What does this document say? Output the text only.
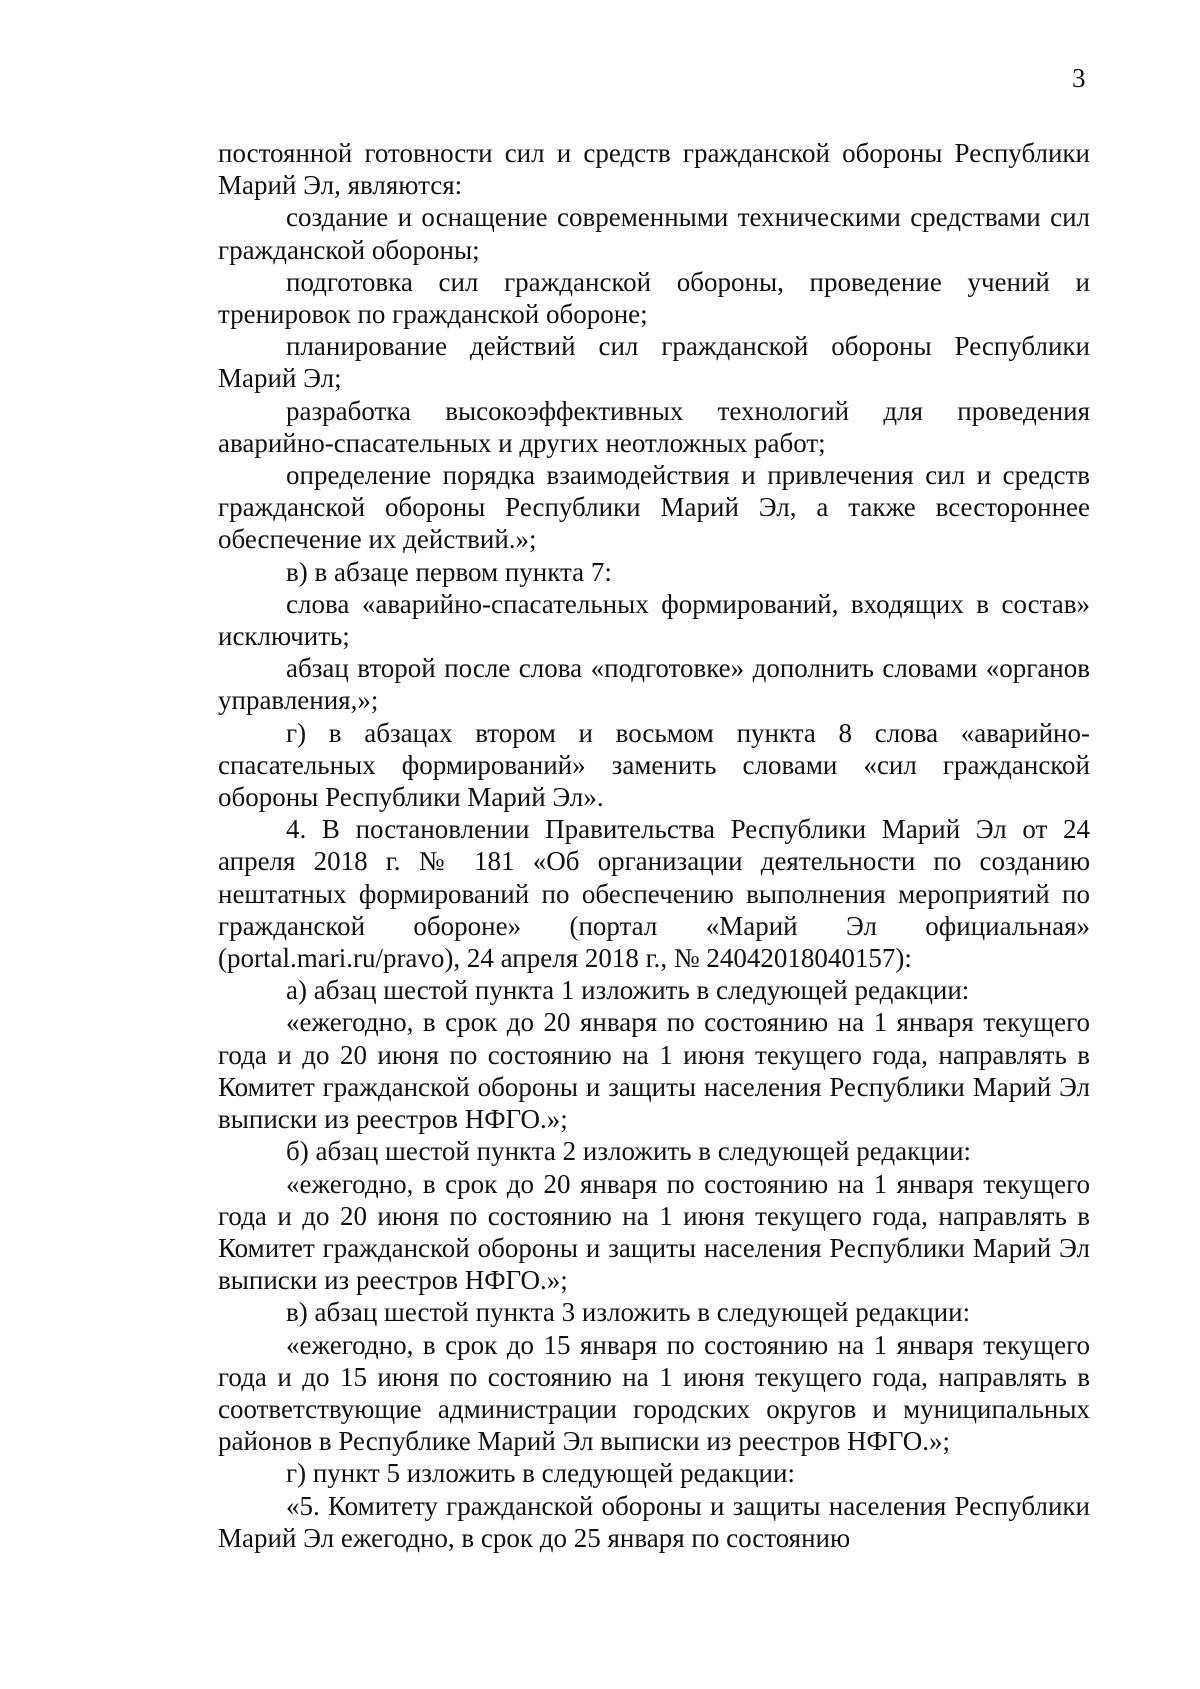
3

постоянной готовности сил и средств гражданской обороны Республики Марий Эл, являются:

создание и оснащение современными техническими средствами сил гражданской обороны;

подготовка сил гражданской обороны, проведение учений и тренировок по гражданской обороне;

планирование действий сил гражданской обороны Республики Марий Эл;

разработка высокоэффективных технологий для проведения аварийно-спасательных и других неотложных работ;

определение порядка взаимодействия и привлечения сил и средств гражданской обороны Республики Марий Эл, а также всестороннее обеспечение их действий.»;

в) в абзаце первом пункта 7:

слова «аварийно-спасательных формирований, входящих в состав» исключить;

абзац второй после слова «подготовке» дополнить словами «органов управления,»;

г) в абзацах втором и восьмом пункта 8 слова «аварийно-спасательных формирований» заменить словами «сил гражданской обороны Республики Марий Эл».

4. В постановлении Правительства Республики Марий Эл от 24 апреля 2018 г. № 181 «Об организации деятельности по созданию нештатных формирований по обеспечению выполнения мероприятий по гражданской обороне» (портал «Марий Эл официальная» (portal.mari.ru/pravo), 24 апреля 2018 г., № 24042018040157):

а) абзац шестой пункта 1 изложить в следующей редакции:

«ежегодно, в срок до 20 января по состоянию на 1 января текущего года и до 20 июня по состоянию на 1 июня текущего года, направлять в Комитет гражданской обороны и защиты населения Республики Марий Эл выписки из реестров НФГО.»;

б) абзац шестой пункта 2 изложить в следующей редакции:

«ежегодно, в срок до 20 января по состоянию на 1 января текущего года и до 20 июня по состоянию на 1 июня текущего года, направлять в Комитет гражданской обороны и защиты населения Республики Марий Эл выписки из реестров НФГО.»;

в) абзац шестой пункта 3 изложить в следующей редакции:

«ежегодно, в срок до 15 января по состоянию на 1 января текущего года и до 15 июня по состоянию на 1 июня текущего года, направлять в соответствующие администрации городских округов и муниципальных районов в Республике Марий Эл выписки из реестров НФГО.»;

г) пункт 5 изложить в следующей редакции:

«5. Комитету гражданской обороны и защиты населения Республики Марий Эл ежегодно, в срок до 25 января по состоянию
